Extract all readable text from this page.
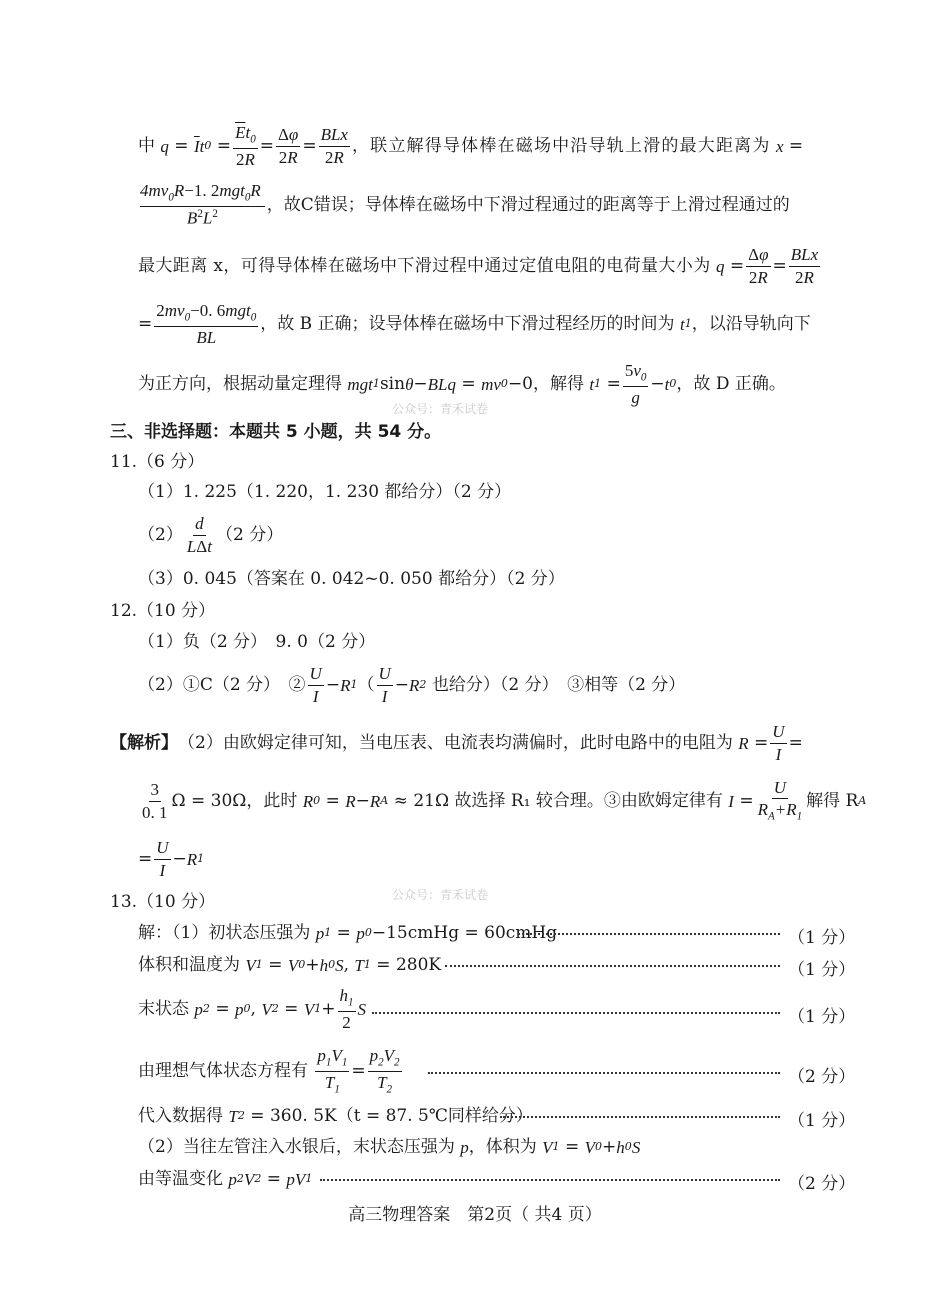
中
$q = \overline{I}$ t $0 = \frac{\overline{E}t_0}{2R} = \frac{\Delta\varphi}{2R} = \frac{\text{BLx}}{2R}$ ，联立解得导体棒在磁场中沿导轨上滑的最大距离为
x =
$\frac{4mv_0R-1. 2mgt_0R}{B^2L^2}$ ，故C错误；导体棒在磁场中下滑过程通过的距离等于上滑过程通过的
最大距离 x，可得导体棒在磁场中下滑过程中通过定值电阻的电荷量大小为
$q = \frac{\Delta\varphi}{2R} = \frac{\text{BLx}}{2R}$
= $\frac{2mv_0-0. 6mgt_0}{BL}$ ，故 B 正确；设导体棒在磁场中下滑过程经历的时间为
t 1 ，以沿导轨向下
为正方向，根据动量定理得
mgt 1 sin θ − BLq = mv 0 −0 ，解得
t $1 = \frac{5v_0}{g} - t$ 0 ，故 D 正确。
公众号：青禾试卷
三、非选择题：本题共 5 小题，共 54 分。
11.（6 分）
（1）1. 225（1. 220，1. 230 都给分）（2 分）
$(2) \frac{d}{\text{LΔt}} (2$ 分）
（3）0. 045（答案在 0. 042~0. 050 都给分）（2 分）
12.（10 分）
（1）负（2 分）　9. 0（2 分）
（2）①C（2 分）　② $\frac{U}{I} - R$ 1 （ $\frac{U}{I} - R$ 2
也给分）（2 分）　③相等（2 分）
【解析】 （2）由欧姆定律可知，当电压表、电流表均满偏时，此时电路中的电阻为
$R = \frac{U}{I}$ =
$\frac{3}{0. 1}$ Ω = 30Ω ，此时
R 0 = R − R A ≈ 21Ω 故选择 R₁ 较合理。③由欧姆定律有
$I = \frac{U}{R_A+R_1}$ 解得 R A
= $\frac{U}{I} - R$ 1
13.（10 分）	公众号：青禾试卷
解：（1）初状态压强为
p 1 = p 0 −15cmHg = 60cmHg	（1 分）
体积和温度为
V 1 = V 0 + h 0 S , T 1 = 280K	（1 分）
末状态
p 2 = p 0 , V 2 = V $1 + \frac{h_1}{2}$ S	（1 分）
由理想气体状态方程有
$\frac{p_1V_1}{T_1} = \frac{p_2V_2}{T_2}$	（2 分）
代入数据得
T 2 = 360. 5K （t = 87. 5℃同样给分）	（1 分）
（2）当往左管注入水银后，末状态压强为
p ，体积为
V 1 = V 0 + h 0 S
由等温变化
p 2 V 2 = pV 1	（2 分）
高三物理答案　第2页（ 共4 页）
